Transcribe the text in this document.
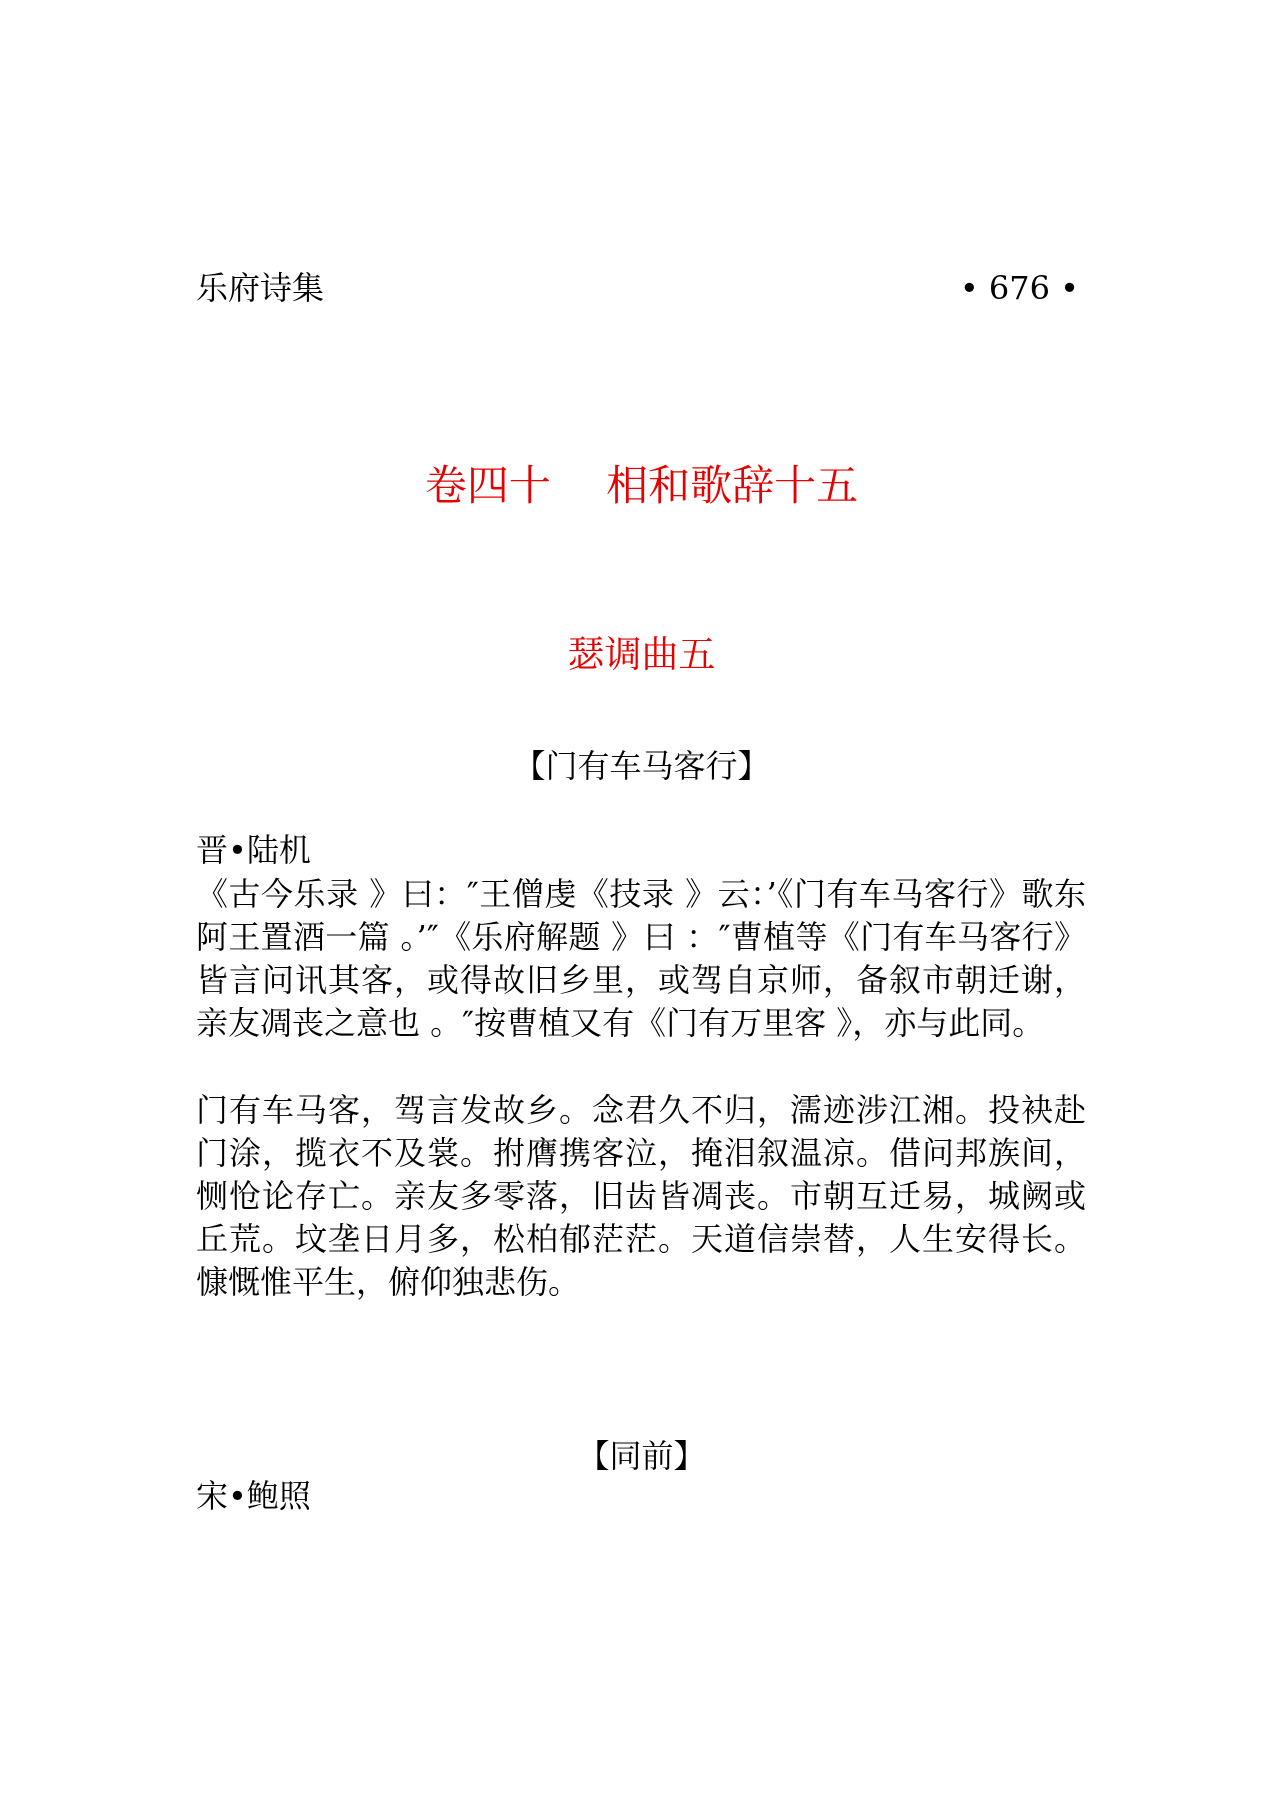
乐府诗集	• 676 •
卷四十　 相和歌辞十五
瑟调曲五
【门有车马客行】
晋•陆机
《古今乐录 》曰：″王僧虔《技录 》云：’《门有车马客行》歌东阿王置酒一篇 。’″《乐府解题 》曰 ：″曹植等《门有车马客行》皆言问讯其客，或得故旧乡里，或驾自京师，备叙市朝迁谢，亲友凋丧之意也 。″按曹植又有《门有万里客 》，亦与此同。
门有车马客，驾言发故乡。念君久不归，濡迹涉江湘。投袂赴门涂，揽衣不及裳。拊膺携客泣，掩泪叙温凉。借问邦族间，恻怆论存亡。亲友多零落，旧齿皆凋丧。市朝互迁易，城阙或丘荒。坟垄日月多，松柏郁茫茫。天道信崇替，人生安得长。慷慨惟平生，俯仰独悲伤。
【同前】
宋•鲍照
